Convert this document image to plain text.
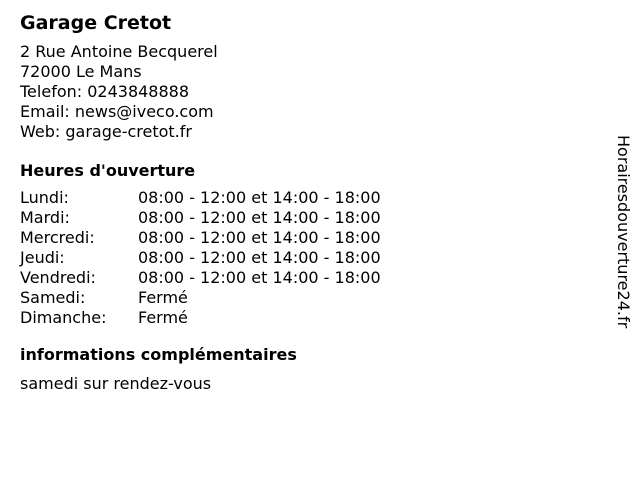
Garage Cretot
2 Rue Antoine Becquerel
72000 Le Mans
Telefon: 0243848888
Email: news@iveco.com
Web: garage-cretot.fr
Heures d'ouverture
Lundi:	08:00 - 12:00 et 14:00 - 18:00
Mardi:	08:00 - 12:00 et 14:00 - 18:00
Mercredi:	08:00 - 12:00 et 14:00 - 18:00
Jeudi:	08:00 - 12:00 et 14:00 - 18:00
Vendredi:	08:00 - 12:00 et 14:00 - 18:00
Samedi:	Fermé
Dimanche:	Fermé
informations complémentaires
samedi sur rendez-vous
Horairesdouverture24.fr
